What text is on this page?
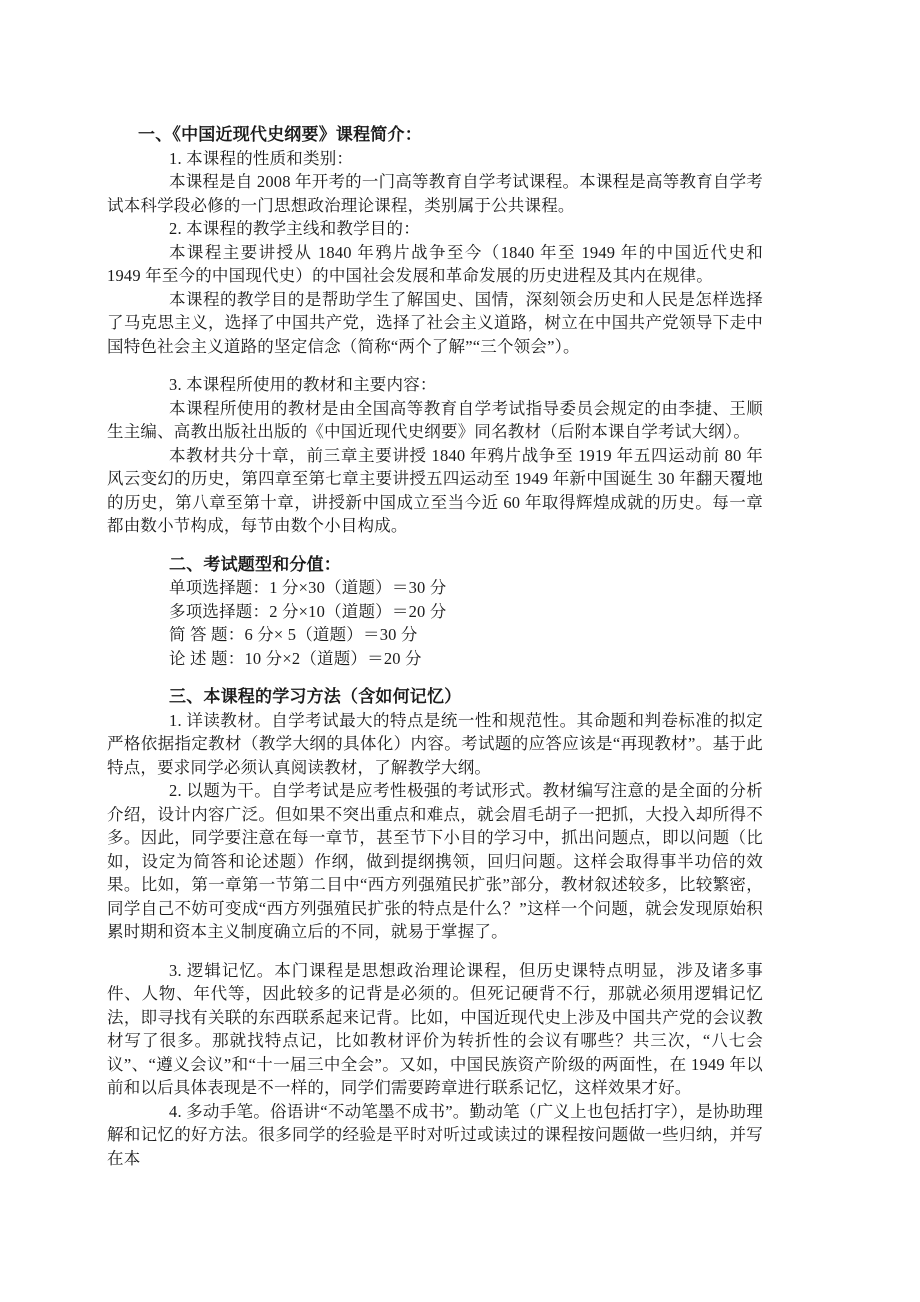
一、《中国近现代史纲要》课程简介：
1. 本课程的性质和类别：
本课程是自 2008 年开考的一门高等教育自学考试课程。本课程是高等教育自学考试本科学段必修的一门思想政治理论课程，类别属于公共课程。
2. 本课程的教学主线和教学目的：
本课程主要讲授从 1840 年鸦片战争至今（1840 年至 1949 年的中国近代史和 1949 年至今的中国现代史）的中国社会发展和革命发展的历史进程及其内在规律。
本课程的教学目的是帮助学生了解国史、国情，深刻领会历史和人民是怎样选择了马克思主义，选择了中国共产党，选择了社会主义道路，树立在中国共产党领导下走中国特色社会主义道路的坚定信念（简称“两个了解”“三个领会”）。
3. 本课程所使用的教材和主要内容：
本课程所使用的教材是由全国高等教育自学考试指导委员会规定的由李捷、王顺生主编、高教出版社出版的《中国近现代史纲要》同名教材（后附本课自学考试大纲）。
本教材共分十章，前三章主要讲授 1840 年鸦片战争至 1919 年五四运动前 80 年风云变幻的历史，第四章至第七章主要讲授五四运动至 1949 年新中国诞生 30 年翻天覆地的历史，第八章至第十章，讲授新中国成立至当今近 60 年取得辉煌成就的历史。每一章都由数小节构成，每节由数个小目构成。
二、考试题型和分值：
单项选择题：1 分×30（道题）＝30 分
多项选择题：2 分×10（道题）＝20 分
简 答 题：6 分× 5（道题）＝30 分
论 述 题：10 分×2（道题）＝20 分
三、本课程的学习方法（含如何记忆）
1. 详读教材。自学考试最大的特点是统一性和规范性。其命题和判卷标准的拟定严格依据指定教材（教学大纲的具体化）内容。考试题的应答应该是“再现教材”。基于此特点，要求同学必须认真阅读教材，了解教学大纲。
2. 以题为干。自学考试是应考性极强的考试形式。教材编写注意的是全面的分析介绍，设计内容广泛。但如果不突出重点和难点，就会眉毛胡子一把抓，大投入却所得不多。因此，同学要注意在每一章节，甚至节下小目的学习中，抓出问题点，即以问题（比如，设定为简答和论述题）作纲，做到提纲携领，回归问题。这样会取得事半功倍的效果。比如，第一章第一节第二目中“西方列强殖民扩张”部分，教材叙述较多，比较繁密，同学自己不妨可变成“西方列强殖民扩张的特点是什么？”这样一个问题，就会发现原始积累时期和资本主义制度确立后的不同，就易于掌握了。
3. 逻辑记忆。本门课程是思想政治理论课程，但历史课特点明显，涉及诸多事件、人物、年代等，因此较多的记背是必须的。但死记硬背不行，那就必须用逻辑记忆法，即寻找有关联的东西联系起来记背。比如，中国近现代史上涉及中国共产党的会议教材写了很多。那就找特点记，比如教材评价为转折性的会议有哪些？共三次，“八七会议”、“遵义会议”和“十一届三中全会”。又如，中国民族资产阶级的两面性，在 1949 年以前和以后具体表现是不一样的，同学们需要跨章进行联系记忆，这样效果才好。
4. 多动手笔。俗语讲“不动笔墨不成书”。勤动笔（广义上也包括打字），是协助理解和记忆的好方法。很多同学的经验是平时对听过或读过的课程按问题做一些归纳，并写在本
